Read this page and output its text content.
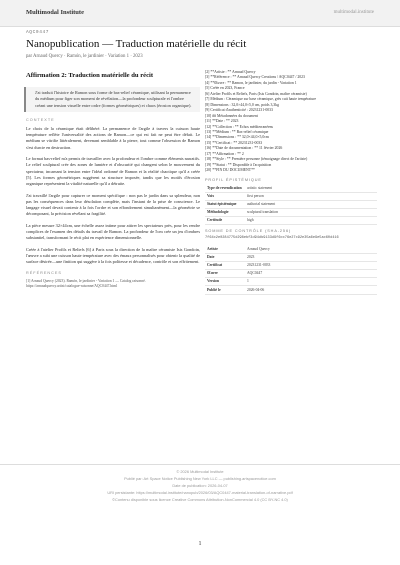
Multimodal Institute	multimodal.institute
AQC0447
Nanopublication — Traduction matérielle du récit
par Arnaud Quercy · Ramón, le jardinier · Variation 1 · 2023
Affirmation 2: Traduction matérielle du récit
J'ai traduit l'histoire de Ramon sous forme de bas-relief céramique, utilisant la permanence du médium pour figer son moment de révélation—la profondeur sculpturale et l'ombre créant une tension visuelle entre ordre (formes géométriques) et chaos (érosion organique).
CONTEXTE

Le choix de la céramique était délibéré. La permanence de l'argile à travers la cuisson haute température reflète l'universalité des actions de Ramon—ce qui est fait ne peut être défait. Le médium se vitrifie littéralement, devenant semblable à la pierre, tout comme l'obsession de Ramon s'est durcie en destruction.

Le format bas-relief m'a permis de travailler avec la profondeur et l'ombre comme éléments narratifs. Le relief sculptural crée des zones de lumière et d'obscurité qui changent selon le mouvement du spectateur, incarnant la tension entre l'idéal ordonné de Ramon et la réalité chaotique qu'il a créée [5]. Les formes géométriques suggèrent sa structure imposée, tandis que les motifs d'érosion organique représentent la vitalité naturelle qu'il a détruite.

J'ai travaillé l'argile pour capturer ce moment spécifique : non pas le jardin dans sa splendeur, non pas les conséquences dans leur désolation complète, mais l'instant de la prise de conscience. Le langage visuel devait contenir à la fois l'ordre et son effondrement simultanément—la géométrie se décomposant, la précision révélant sa fragilité.

La pièce mesure 32×44cm, une échelle assez intime pour attirer les spectateurs près, pour les rendre complices de l'examen des détails du travail de Ramon. La profondeur de 5cm crée un jeu d'ombres substantiel, transformant le récit plat en expérience dimensionnelle.

Créée à l'atelier Profils et Reliefs [6] à Paris sous la direction de la maître céramiste Isis Gondoin, l'œuvre a subi une cuisson haute température avec des émaux personnalisés pour obtenir la qualité de surface désirée—une finition qui suggère à la fois politesse et décadence, contrôle et son effritement.

RÉFÉRENCES
[1] Arnaud Quercy (2023). Ramón, le jardinier - Variation 1 — Catalog raisonné. https://arnaudquercy.artist/catalogue-raisonne/AQC0447.html
[2] **Artiste : ** Arnaud Quercy
[3] **Référence : ** Arnaud Quercy Creations / AQC0447 / 2023
[4] **Œuvre : ** Ramon, le jardinier, du jardin - Variation 1
[5] Créée en 2023, France
[6] Atelier Profils et Reliefs, Paris (Isis Gondoin, maître céramiste)
[7] Médium : Céramique sur base céramique, grès cuit haute température
[8] Dimensions : 32,0×44,0×5,0 cm, poids 3,3kg
[9] Certificat d'authenticité : 20231231-0033
[10] ## Métadonnées du document
[11] **Date : ** 2023
[12] **Collection : ** Échos méditerranéens
[13] **Médium : ** Bas-relief céramique
[14] **Dimensions : ** 32,0×44,0×5,0cm
[15] **Certificat : ** 20231231-0033
[16] **Date de documentation : ** 11 février 2026
[17] **Affirmation : ** 2
[18] **Style : ** Première personne (témoignage direct de l'artiste)
[19] **Statut : ** Disponible à l'acquisition
[20] **FIN DU DOCUMENT**
PROFIL ÉPISTÉMIQUE
Type de revendication	artistic statement
Voix	first person
Statut épistémique	authorial statement
Méthodologie	sculptural translation
Certitude	high
SOMME DE CONTRÔLE (SHA-256)
7f64c2e0284775d298ebf3d94db9133d9f6cc76e27c92e35a6e9e5ac60d416
Artiste	Arnaud Quercy
Date	2023
Certificat	20231231-0033
Œuvre	AQC0447
Version	1
Publié le	2026-04-06
© 2026 Multimodal Institute
Publié par: Art Space Notice Publishing New York LLC — publishing.artspacenotice.com
Date de publication: 2026-04-07
URI persistante: https://multimodal.institute/nanopub/2026/03/AQC0447-material-translation-of-narrative.pdf
©Contenu disponible sous licence Creative Commons Attribution-NonCommercial 4.0 (CC BY-NC 4.0)
1
